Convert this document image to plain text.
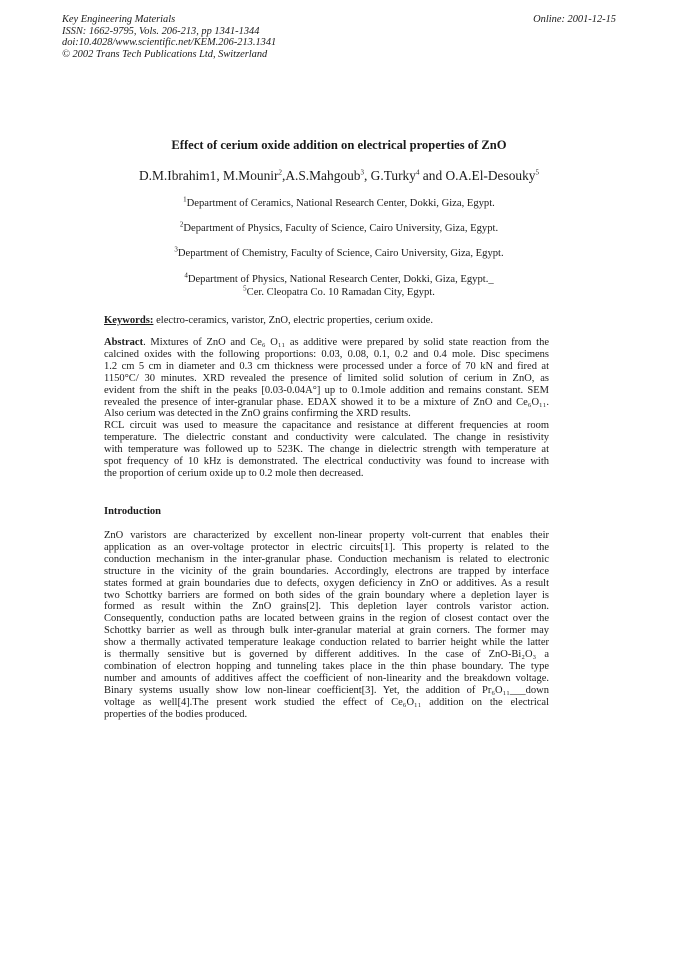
Key Engineering Materials
ISSN: 1662-9795, Vols. 206-213, pp 1341-1344
doi:10.4028/www.scientific.net/KEM.206-213.1341
© 2002 Trans Tech Publications Ltd, Switzerland
Online: 2001-12-15
Effect of cerium oxide addition on electrical properties of ZnO
D.M.Ibrahim1, M.Mounir$^2$,A.S.Mahgoub$^3$, G.Turky$^4$ and O.A.El-Desouky$^5$
$^1$Department of Ceramics, National Research Center, Dokki, Giza, Egypt.
$^2$Department of Physics, Faculty of Science, Cairo University, Giza, Egypt.
$^3$Department of Chemistry, Faculty of Science, Cairo University, Giza, Egypt.
$^4$Department of Physics, National Research Center, Dokki, Giza, Egypt._
$^5$Cer. Cleopatra Co. 10 Ramadan City, Egypt.
Keywords: electro-ceramics, varistor, ZnO, electric properties, cerium oxide.
Abstract. Mixtures of ZnO and Ce₆ O₁₁ as additive were prepared by solid state reaction from the
calcined oxides with the following proportions: 0.03, 0.08, 0.1, 0.2 and 0.4 mole. Disc specimens
1.2 cm 5 cm in diameter and 0.3 cm thickness were processed under a force of 70 kN and fired at
1150°C/ 30 minutes. XRD revealed the presence of limited solid solution of cerium in ZnO, as
evident from the shift in the peaks [0.03-0.04A°] up to 0.1mole addition and remains constant. SEM
revealed the presence of inter-granular phase. EDAX showed it to be a mixture of ZnO and Ce₆O₁₁.
Also cerium was detected in the ZnO grains confirming the XRD results.
RCL circuit was used to measure the capacitance and resistance at different frequencies at room
temperature. The dielectric constant and conductivity were calculated. The change in resistivity
with temperature was followed up to 523K. The change in dielectric strength with temperature at
spot frequency of 10 kHz is demonstrated. The electrical conductivity was found to increase with
the proportion of cerium oxide up to 0.2 mole then decreased.
Introduction
ZnO varistors are characterized by excellent non-linear property volt-current that enables their
application as an over-voltage protector in electric circuits[1]. This property is related to the
conduction mechanism in the inter-granular phase. Conduction mechanism is related to electronic
structure in the vicinity of the grain boundaries. Accordingly, electrons are trapped by interface
states formed at grain boundaries due to defects, oxygen deficiency in ZnO or additives. As a result
two Schottky barriers are formed on both sides of the grain boundary where a depletion layer is
formed as result within the ZnO grains[2]. This depletion layer controls varistor action.
Consequently, conduction paths are located between grains in the region of closest contact over the
Schottky barrier as well as through bulk inter-granular material at grain corners. The former may
show a thermally activated temperature leakage conduction related to barrier height while the latter
is thermally sensitive but is governed by different additives. In the case of ZnO-Bi₂O₃ a
combination of electron hopping and tunneling takes place in the thin phase boundary. The type
number and amounts of additives affect the coefficient of non-linearity and the breakdown voltage.
Binary systems usually show low non-linear coefficient[3]. Yet, the addition of Pr₆O₁₁___down
voltage as well[4].The present work studied the effect of Ce₆O₁₁ addition on the electrical
properties of the bodies produced.
